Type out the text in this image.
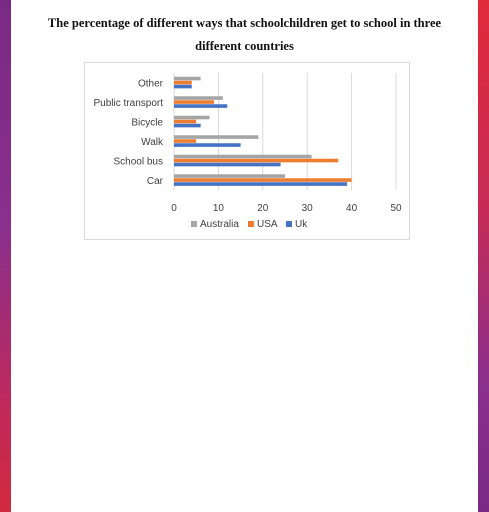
The percentage of different ways that schoolchildren get to school in three different countries
Car
School bus
Walk
Bicycle
Public transport
Other
0	10	20	30	40	50
Australia USA Uk
